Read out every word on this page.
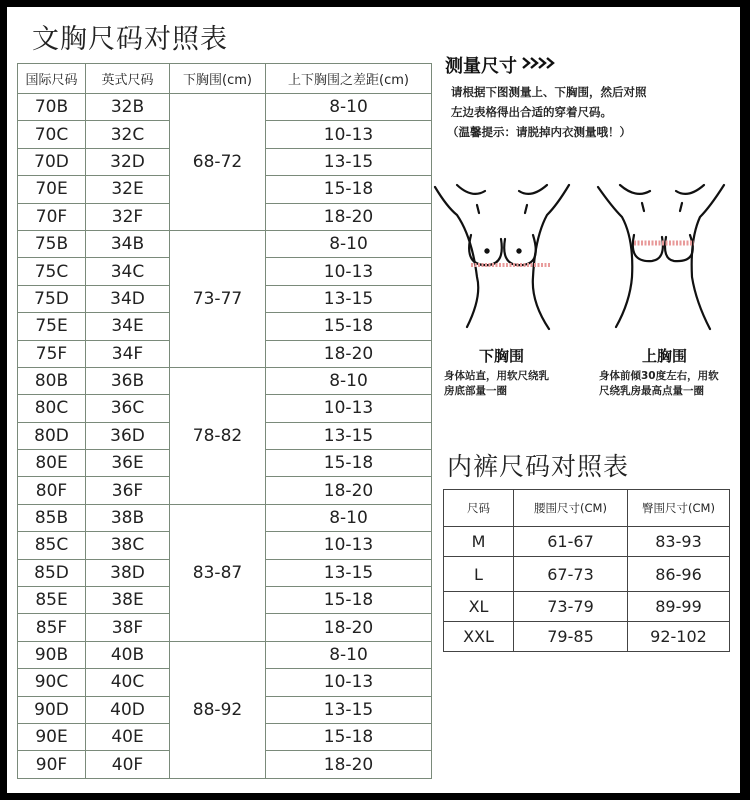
文胸尺码对照表
国际尺码	英式尺码	下胸围(cm)	上下胸围之差距(cm)
70B	32B	68-72	8-10
70C	32C		10-13
70D	32D		13-15
70E	32E		15-18
70F	32F		18-20
75B	34B	73-77	8-10
75C	34C		10-13
75D	34D		13-15
75E	34E		15-18
75F	34F		18-20
80B	36B	78-82	8-10
80C	36C		10-13
80D	36D		13-15
80E	36E		15-18
80F	36F		18-20
85B	38B	83-87	8-10
85C	38C		10-13
85D	38D		13-15
85E	38E		15-18
85F	38F		18-20
90B	40B	88-92	8-10
90C	40C		10-13
90D	40D		13-15
90E	40E		15-18
90F	40F		18-20
测量尺寸
请根据下图测量上、下胸围，然后对照
左边表格得出合适的穿着尺码。
（温馨提示：请脱掉内衣测量哦！）
下胸围
身体站直，用软尺绕乳
房底部量一圈
上胸围
身体前倾30度左右，用软
尺绕乳房最高点量一圈
内裤尺码对照表
尺码	腰围尺寸(CM)	臀围尺寸(CM)
M	61-67	83-93
L	67-73	86-96
XL	73-79	89-99
XXL	79-85	92-102
